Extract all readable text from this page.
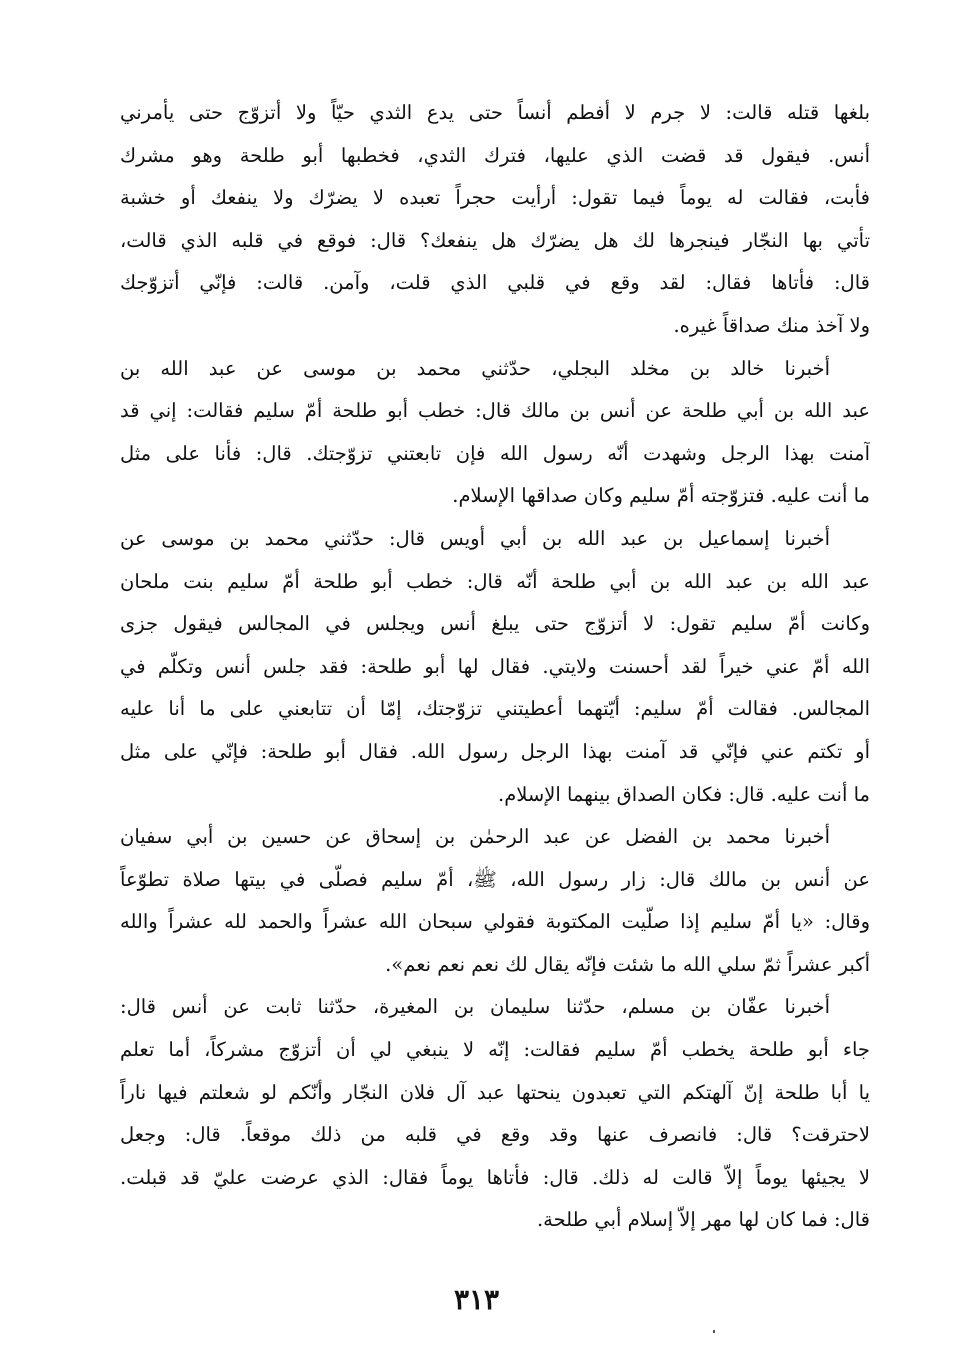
بلغها قتله قالت: لا جرم لا أفطم أنساً حتى يدع الثدي حيّاً ولا أتزوّج حتى يأمرني
أنس. فيقول قد قضت الذي عليها، فترك الثدي، فخطبها أبو طلحة وهو مشرك
فأبت، فقالت له يوماً فيما تقول: أرأيت حجراً تعبده لا يضرّك ولا ينفعك أو خشبة
تأتي بها النجّار فينجرها لك هل يضرّك هل ينفعك؟ قال: فوقع في قلبه الذي قالت،
قال: فأتاها فقال: لقد وقع في قلبي الذي قلت، وآمن. قالت: فإنّي أتزوّجك
ولا آخذ منك صداقاً غيره.
أخبرنا خالد بن مخلد البجلي، حدّثني محمد بن موسى عن عبد الله بن
عبد الله بن أبي طلحة عن أنس بن مالك قال: خطب أبو طلحة أمّ سليم فقالت: إني قد
آمنت بهذا الرجل وشهدت أنّه رسول الله فإن تابعتني تزوّجتك. قال: فأنا على مثل
ما أنت عليه. فتزوّجته أمّ سليم وكان صداقها الإسلام.
أخبرنا إسماعيل بن عبد الله بن أبي أويس قال: حدّثني محمد بن موسى عن
عبد الله بن عبد الله بن أبي طلحة أنّه قال: خطب أبو طلحة أمّ سليم بنت ملحان
وكانت أمّ سليم تقول: لا أتزوّج حتى يبلغ أنس ويجلس في المجالس فيقول جزى
الله أمّ عني خيراً لقد أحسنت ولايتي. فقال لها أبو طلحة: فقد جلس أنس وتكلّم في
المجالس. فقالت أمّ سليم: أيّتهما أعطيتني تزوّجتك، إمّا أن تتابعني على ما أنا عليه
أو تكتم عني فإنّي قد آمنت بهذا الرجل رسول الله. فقال أبو طلحة: فإنّي على مثل
ما أنت عليه. قال: فكان الصداق بينهما الإسلام.
أخبرنا محمد بن الفضل عن عبد الرحمٰن بن إسحاق عن حسين بن أبي سفيان
عن أنس بن مالك قال: زار رسول الله، ﷺ، أمّ سليم فصلّى في بيتها صلاة تطوّعاً
وقال: «يا أمّ سليم إذا صلّيت المكتوبة فقولي سبحان الله عشراً والحمد لله عشراً والله
أكبر عشراً ثمّ سلي الله ما شئت فإنّه يقال لك نعم نعم نعم».
أخبرنا عفّان بن مسلم، حدّثنا سليمان بن المغيرة، حدّثنا ثابت عن أنس قال:
جاء أبو طلحة يخطب أمّ سليم فقالت: إنّه لا ينبغي لي أن أتزوّج مشركاً، أما تعلم
يا أبا طلحة إنّ آلهتكم التي تعبدون ينحتها عبد آل فلان النجّار وأنّكم لو شعلتم فيها ناراً
لاحترقت؟ قال: فانصرف عنها وقد وقع في قلبه من ذلك موقعاً. قال: وجعل
لا يجيئها يوماً إلاّ قالت له ذلك. قال: فأتاها يوماً فقال: الذي عرضت عليّ قد قبلت.
قال: فما كان لها مهر إلاّ إسلام أبي طلحة.
٣١٣
